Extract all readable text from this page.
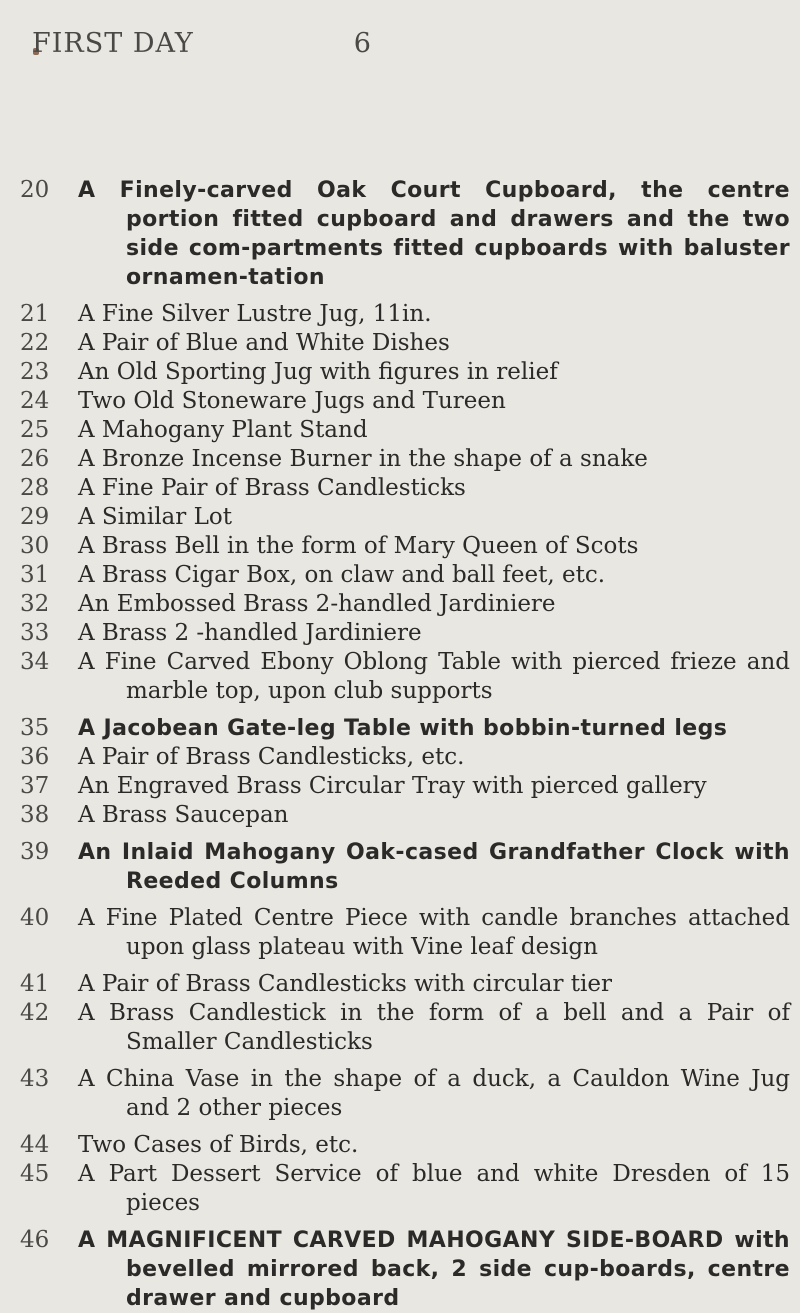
FIRST DAY	6
20	A Finely-carved Oak Court Cupboard, the centre portion fitted cupboard and drawers and the two side com-partments fitted cupboards with baluster ornamen-tation
21	A Fine Silver Lustre Jug, 11in.
22	A Pair of Blue and White Dishes
23	An Old Sporting Jug with figures in relief
24	Two Old Stoneware Jugs and Tureen
25	A Mahogany Plant Stand
26	A Bronze Incense Burner in the shape of a snake
28	A Fine Pair of Brass Candlesticks
29	A Similar Lot
30	A Brass Bell in the form of Mary Queen of Scots
31	A Brass Cigar Box, on claw and ball feet, etc.
32	An Embossed Brass 2-handled Jardiniere
33	A Brass 2 -handled Jardiniere
34	A Fine Carved Ebony Oblong Table with pierced frieze and marble top, upon club supports
35	A Jacobean Gate-leg Table with bobbin-turned legs
36	A Pair of Brass Candlesticks, etc.
37	An Engraved Brass Circular Tray with pierced gallery
38	A Brass Saucepan
39	An Inlaid Mahogany Oak-cased Grandfather Clock with Reeded Columns
40	A Fine Plated Centre Piece with candle branches attached upon glass plateau with Vine leaf design
41	A Pair of Brass Candlesticks with circular tier
42	A Brass Candlestick in the form of a bell and a Pair of Smaller Candlesticks
43	A China Vase in the shape of a duck, a Cauldon Wine Jug and 2 other pieces
44	Two Cases of Birds, etc.
45	A Part Dessert Service of blue and white Dresden of 15 pieces
46	A MAGNIFICENT CARVED MAHOGANY SIDE-BOARD with bevelled mirrored back, 2 side cup-boards, centre drawer and cupboard
